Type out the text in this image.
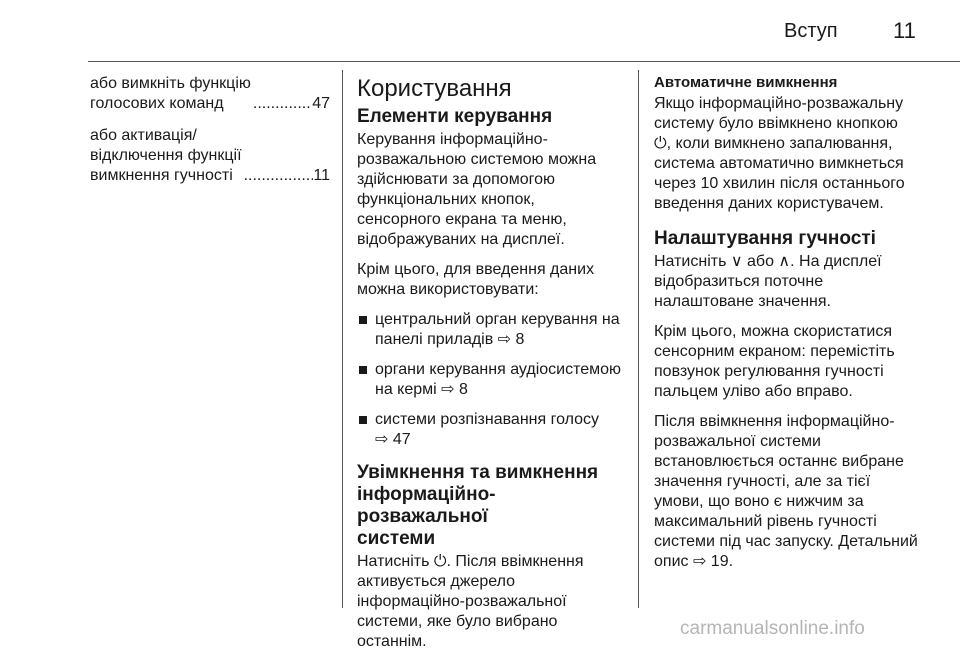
Вступ	11
або вимкніть функцію
голосових команд .....	47
або активація/
відключення функції
вимкнення гучності .....	11
Користування
Елементи керування

Керування інформаційно-
розважальною системою можна
здійснювати за допомогою
функціональних кнопок,
сенсорного екрана та меню,
відображуваних на дисплеї.

Крім цього, для введення даних
можна використовувати:

центральний орган керування на
панелі приладів ⇨ 8
органи керування аудіосистемою
на кермі ⇨ 8
системи розпізнавання голосу
⇨ 47
Увімкнення та вимкнення
інформаційно-розважальної
системи

Натисніть ⏻. Після ввімкнення
активується джерело
інформаційно-розважальної
системи, яке було вибрано
останнім.

Автоматичне вимкнення

Якщо інформаційно-розважальну
систему було ввімкнено кнопкою
⏻, коли вимкнено запалювання,
система автоматично вимкнеться
через 10 хвилин після останнього
введення даних користувачем.

Налаштування гучності

Натисніть ∨ або ∧. На дисплеї
відобразиться поточне
налаштоване значення.

Крім цього, можна скористатися
сенсорним екраном: перемістіть
повзунок регулювання гучності
пальцем уліво або вправо.

Після ввімкнення інформаційно-
розважальної системи
встановлюється останнє вибране
значення гучності, але за тієї
умови, що воно є нижчим за
максимальний рівень гучності
системи під час запуску. Детальний
опис ⇨ 19.

carmanualsonline.info
